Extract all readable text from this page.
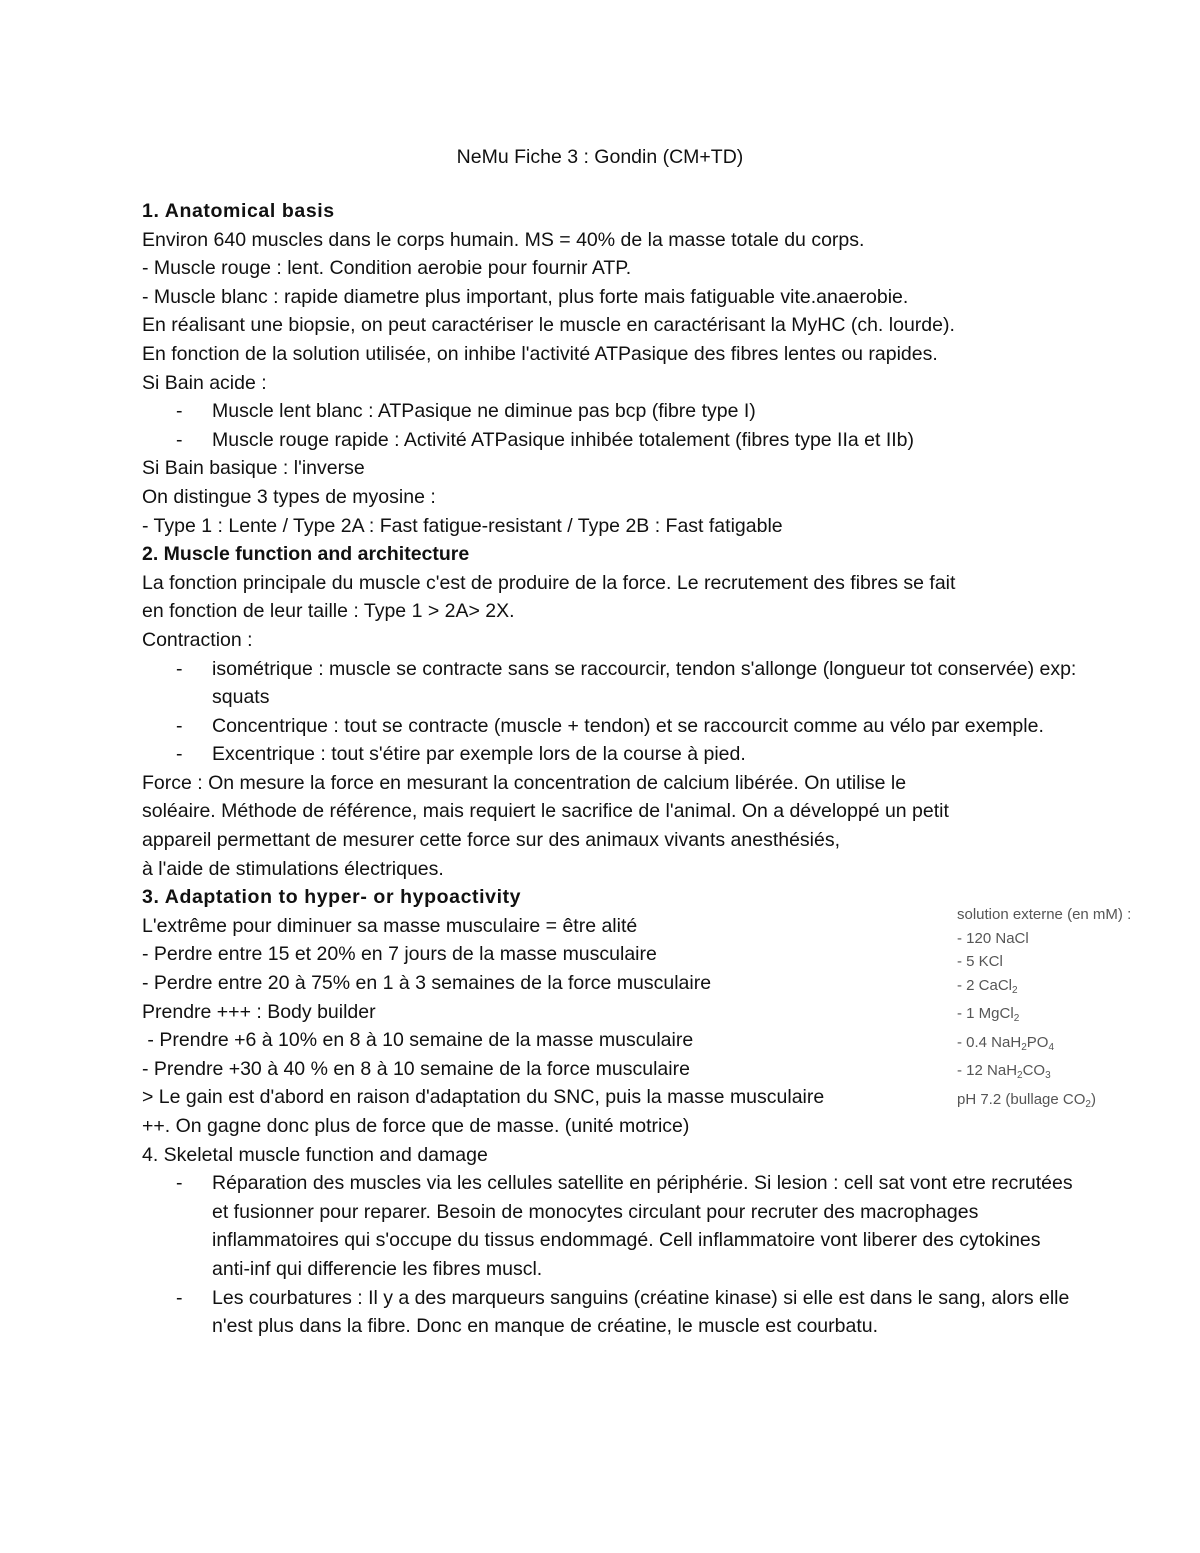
NeMu Fiche 3 : Gondin (CM+TD)
1. Anatomical basis
Environ 640 muscles dans le corps humain. MS = 40% de la masse totale du corps.
- Muscle rouge : lent. Condition aerobie pour fournir ATP.
- Muscle blanc : rapide diametre plus important, plus forte mais fatiguable vite.anaerobie.
En réalisant une biopsie, on peut caractériser le muscle en caractérisant la MyHC (ch. lourde).
En fonction de la solution utilisée, on inhibe l'activité ATPasique des fibres lentes ou rapides.
Si Bain acide :
-	Muscle lent blanc : ATPasique ne diminue pas bcp (fibre type I)
-	Muscle rouge rapide : Activité ATPasique inhibée totalement (fibres type IIa et IIb)
Si Bain basique : l'inverse
On distingue 3 types de myosine :
- Type 1 : Lente / Type 2A : Fast fatigue-resistant / Type 2B : Fast fatigable
2. Muscle function and architecture
La fonction principale du muscle c'est de produire de la force. Le recrutement des fibres se fait
en fonction de leur taille : Type 1 > 2A> 2X.
Contraction :
-	isométrique : muscle se contracte sans se raccourcir, tendon s'allonge (longueur tot conservée) exp: squats
-	Concentrique : tout se contracte (muscle + tendon) et se raccourcit comme au vélo par exemple.
-	Excentrique : tout s'étire par exemple lors de la course à pied.
Force : On mesure la force en mesurant la concentration de calcium libérée. On utilise le
soléaire. Méthode de référence, mais requiert le sacrifice de l'animal. On a développé un petit
appareil permettant de mesurer cette force sur des animaux vivants anesthésiés,
à l'aide de stimulations électriques.
3. Adaptation to hyper- or hypoactivity
L'extrême pour diminuer sa masse musculaire = être alité
- Perdre entre 15 et 20% en 7 jours de la masse musculaire
- Perdre entre 20 à 75% en 1 à 3 semaines de la force musculaire
Prendre +++ : Body builder
- Prendre +6 à 10% en 8 à 10 semaine de la masse musculaire
- Prendre +30 à 40 % en 8 à 10 semaine de la force musculaire
> Le gain est d'abord en raison d'adaptation du SNC, puis la masse musculaire
++. On gagne donc plus de force que de masse. (unité motrice)
4. Skeletal muscle function and damage
-	Réparation des muscles via les cellules satellite en périphérie. Si lesion : cell sat vont etre recrutées et fusionner pour reparer. Besoin de monocytes circulant pour recruter des macrophages inflammatoires qui s'occupe du tissus endommagé. Cell inflammatoire vont liberer des cytokines anti-inf qui differencie les fibres muscl.
-	Les courbatures : Il y a des marqueurs sanguins (créatine kinase) si elle est dans le sang, alors elle n'est plus dans la fibre. Donc en manque de créatine, le muscle est courbatu.
solution externe (en mM) :
- 120 NaCl
- 5 KCl
- 2 CaCl$_2$
- 1 MgCl$_2$
- 0.4 $NaH_2PO_4$
- 12 $NaH_2CO_3$
pH 7.2 (bullage $CO_2$)
